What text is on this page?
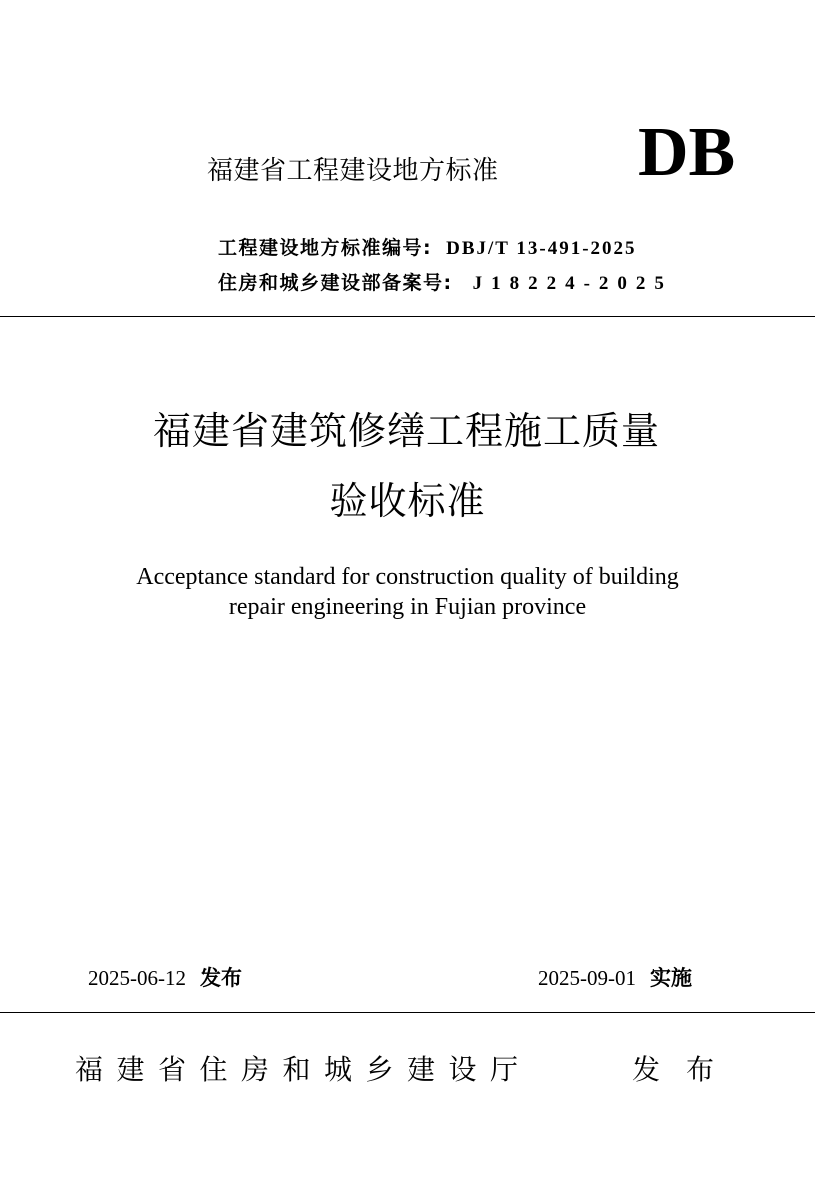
福建省工程建设地方标准 DB
工程建设地方标准编号: DBJ/T 13-491-2025
住房和城乡建设部备案号: J18224-2025
福建省建筑修缮工程施工质量
验收标准
Acceptance standard for construction quality of building
repair engineering in Fujian province
2025-06-12 发布	2025-09-01 实施
福建省住房和城乡建设厅	发布
